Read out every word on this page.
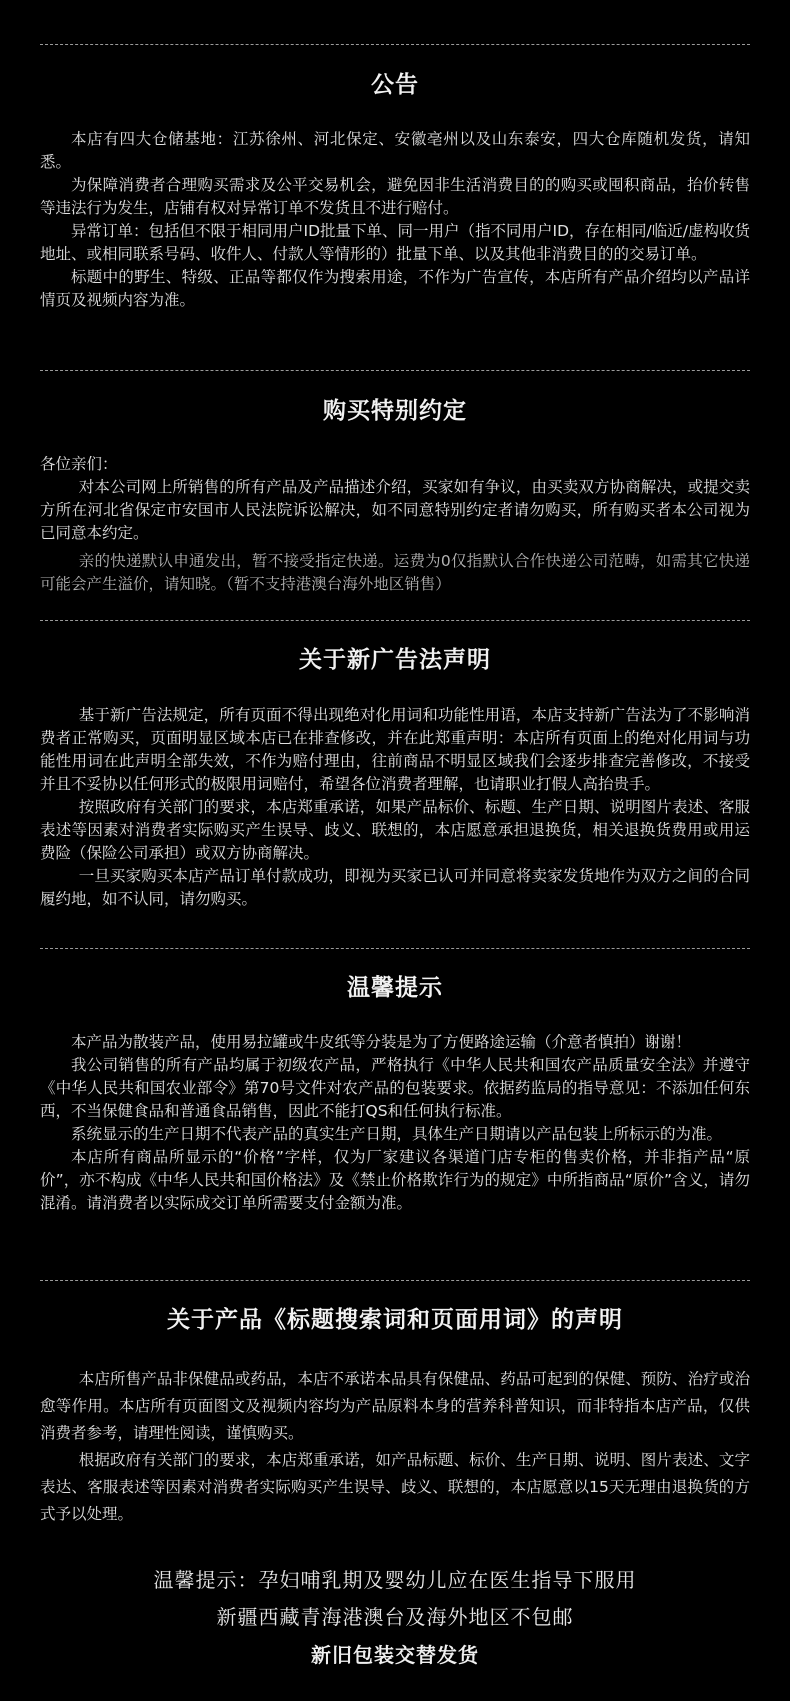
公告

本店有四大仓储基地：江苏徐州、河北保定、安徽亳州以及山东泰安，四大仓库随机发货，请知悉。

为保障消费者合理购买需求及公平交易机会，避免因非生活消费目的的购买或囤积商品，抬价转售等违法行为发生，店铺有权对异常订单不发货且不进行赔付。

异常订单：包括但不限于相同用户ID批量下单、同一用户（指不同用户ID，存在相同/临近/虚构收货地址、或相同联系号码、收件人、付款人等情形的）批量下单、以及其他非消费目的的交易订单。

标题中的野生、特级、正品等都仅作为搜索用途，不作为广告宣传，本店所有产品介绍均以产品详情页及视频内容为准。

购买特别约定

各位亲们：

对本公司网上所销售的所有产品及产品描述介绍，买家如有争议，由买卖双方协商解决，或提交卖方所在河北省保定市安国市人民法院诉讼解决，如不同意特别约定者请勿购买，所有购买者本公司视为已同意本约定。

亲的快递默认申通发出，暂不接受指定快递。运费为0仅指默认合作快递公司范畴，如需其它快递可能会产生溢价，请知晓。（暂不支持港澳台海外地区销售）

关于新广告法声明

基于新广告法规定，所有页面不得出现绝对化用词和功能性用语，本店支持新广告法为了不影响消费者正常购买，页面明显区域本店已在排查修改，并在此郑重声明：本店所有页面上的绝对化用词与功能性用词在此声明全部失效，不作为赔付理由，往前商品不明显区域我们会逐步排查完善修改，不接受并且不妥协以任何形式的极限用词赔付，希望各位消费者理解，也请职业打假人高抬贵手。

按照政府有关部门的要求，本店郑重承诺，如果产品标价、标题、生产日期、说明图片表述、客服表述等因素对消费者实际购买产生误导、歧义、联想的，本店愿意承担退换货，相关退换货费用或用运费险（保险公司承担）或双方协商解决。

一旦买家购买本店产品订单付款成功，即视为买家已认可并同意将卖家发货地作为双方之间的合同履约地，如不认同，请勿购买。

温馨提示

本产品为散装产品，使用易拉罐或牛皮纸等分装是为了方便路途运输（介意者慎拍）谢谢！

我公司销售的所有产品均属于初级农产品，严格执行《中华人民共和国农产品质量安全法》并遵守《中华人民共和国农业部令》第70号文件对农产品的包装要求。依据药监局的指导意见：不添加任何东西，不当保健食品和普通食品销售，因此不能打QS和任何执行标准。

系统显示的生产日期不代表产品的真实生产日期，具体生产日期请以产品包装上所标示的为准。

本店所有商品所显示的“价格”字样，仅为厂家建议各渠道门店专柜的售卖价格，并非指产品“原价”，亦不构成《中华人民共和国价格法》及《禁止价格欺诈行为的规定》中所指商品“原价”含义，请勿混淆。请消费者以实际成交订单所需要支付金额为准。

关于产品《标题搜索词和页面用词》的声明

本店所售产品非保健品或药品，本店不承诺本品具有保健品、药品可起到的保健、预防、治疗或治愈等作用。本店所有页面图文及视频内容均为产品原料本身的营养科普知识，而非特指本店产品，仅供消费者参考，请理性阅读，谨慎购买。

根据政府有关部门的要求，本店郑重承诺，如产品标题、标价、生产日期、说明、图片表述、文字表达、客服表述等因素对消费者实际购买产生误导、歧义、联想的，本店愿意以15天无理由退换货的方式予以处理。

温馨提示：孕妇哺乳期及婴幼儿应在医生指导下服用
新疆西藏青海港澳台及海外地区不包邮
新旧包装交替发货
